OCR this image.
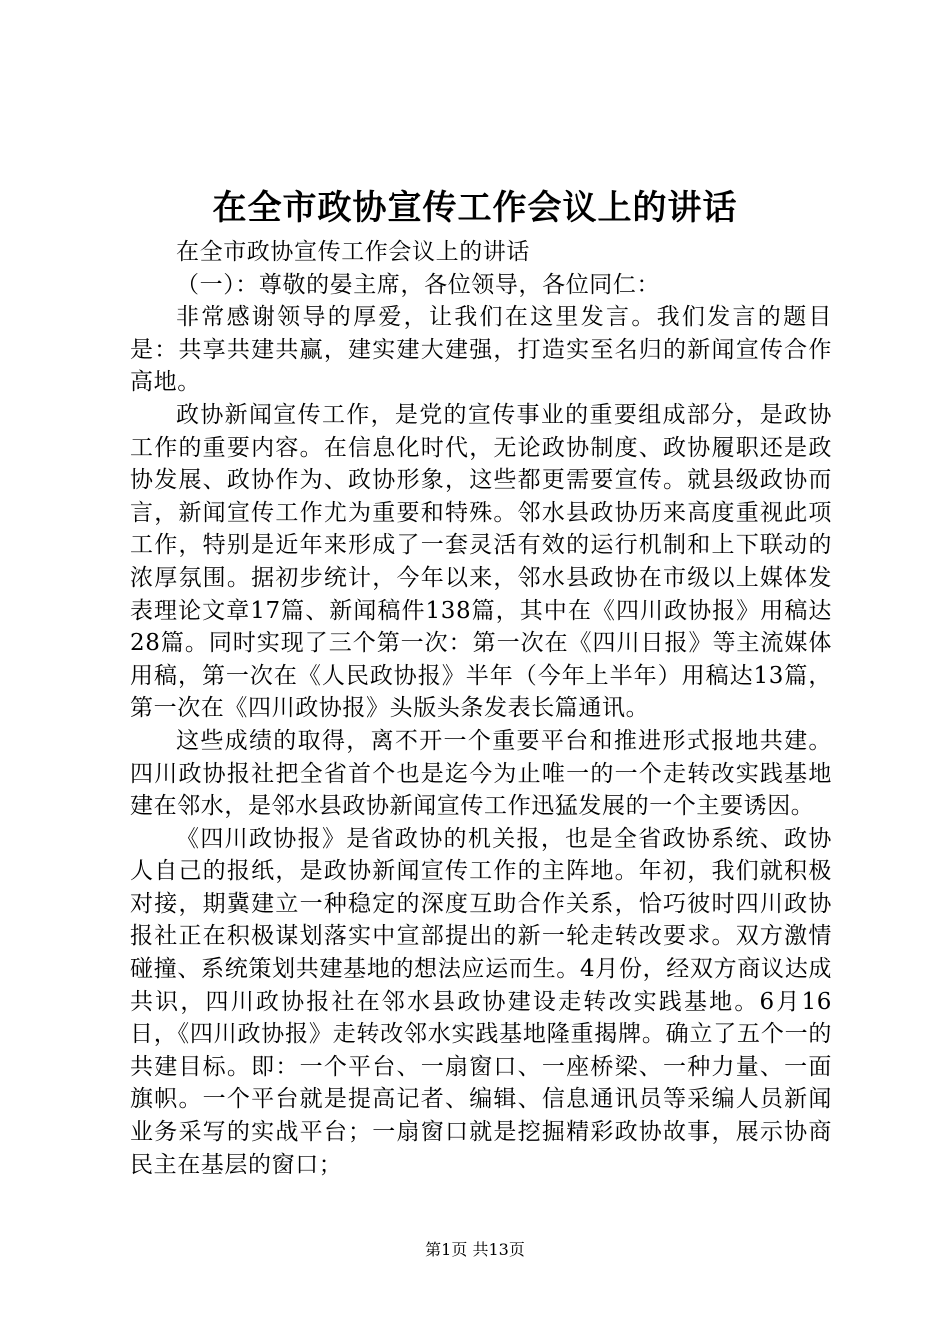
在全市政协宣传工作会议上的讲话

在全市政协宣传工作会议上的讲话

（一）：尊敬的晏主席，各位领导，各位同仁：

非常感谢领导的厚爱，让我们在这里发言。我们发言的题目是：共享共建共赢，建实建大建强，打造实至名归的新闻宣传合作高地。

政协新闻宣传工作，是党的宣传事业的重要组成部分，是政协工作的重要内容。在信息化时代，无论政协制度、政协履职还是政协发展、政协作为、政协形象，这些都更需要宣传。就县级政协而言，新闻宣传工作尤为重要和特殊。邻水县政协历来高度重视此项工作，特别是近年来形成了一套灵活有效的运行机制和上下联动的浓厚氛围。据初步统计，今年以来，邻水县政协在市级以上媒体发表理论文章17篇、新闻稿件138篇，其中在《四川政协报》用稿达28篇。同时实现了三个第一次：第一次在《四川日报》等主流媒体用稿，第一次在《人民政协报》半年（今年上半年）用稿达13篇，第一次在《四川政协报》头版头条发表长篇通讯。

这些成绩的取得，离不开一个重要平台和推进形式报地共建。四川政协报社把全省首个也是迄今为止唯一的一个走转改实践基地建在邻水，是邻水县政协新闻宣传工作迅猛发展的一个主要诱因。

《四川政协报》是省政协的机关报，也是全省政协系统、政协人自己的报纸，是政协新闻宣传工作的主阵地。年初，我们就积极对接，期冀建立一种稳定的深度互助合作关系，恰巧彼时四川政协报社正在积极谋划落实中宣部提出的新一轮走转改要求。双方激情碰撞、系统策划共建基地的想法应运而生。4月份，经双方商议达成共识，四川政协报社在邻水县政协建设走转改实践基地。6月16日，《四川政协报》走转改邻水实践基地隆重揭牌。确立了五个一的共建目标。即：一个平台、一扇窗口、一座桥梁、一种力量、一面旗帜。一个平台就是提高记者、编辑、信息通讯员等采编人员新闻业务采写的实战平台；一扇窗口就是挖掘精彩政协故事，展示协商民主在基层的窗口；

第1页 共13页
